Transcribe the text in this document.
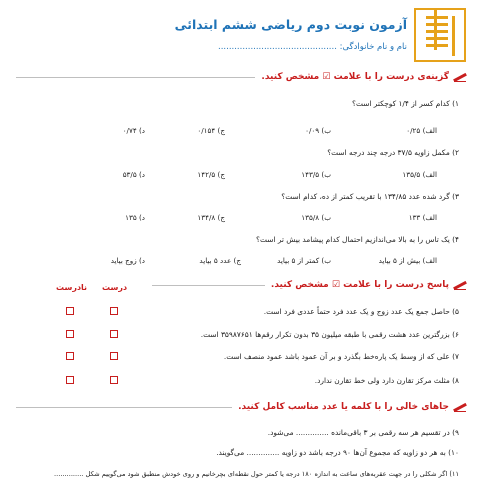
آزمون نوبت دوم ریاضی ششم ابتدائی
نام و نام خانوادگی: ............................................
گزینه‌ی درست را با علامت ☑ مشخص کنید.
۱) کدام کسر از ۱/۴ کوچکتر است؟
الف) ۰/۲۵
ب) ۰/۰۹
ج) ۰/۱۵۴
د) ۰/۷۴
۲) مکمل زاویه ۳۷/۵ درجه چند درجه است؟
الف) ۱۳۵/۵
ب) ۱۴۳/۵
ج) ۱۴۲/۵
د) ۵۳/۵
۳) گرد شده عدد ۱۳۴/۸۵ با تقریب کمتر از ده، کدام است؟
الف) ۱۳۳
ب) ۱۳۵/۸
ج) ۱۳۴/۸
د) ۱۳۵
۴) یک تاس را به بالا می‌اندازیم احتمال کدام پیشامد بیش تر است؟
الف) بیش از ۵ بیاید
ب) کمتر از ۵ بیاید
ج) عدد ۵ بیاید
د) زوج بیاید
پاسخ درست را با علامت ☑ مشخص کنید.
درست
نادرست
۵) حاصل جمع یک عدد زوج و یک عدد فرد حتماً عددی فرد است.
۶) بزرگترین عدد هشت رقمی با طبقه میلیون ۳۵ بدون تکرار رقم‌ها ۳۵۹۸۷۶۵۱ است.
۷) علی که از وسط یک پاره‌خط بگذرد و بر آن عمود باشد عمود منصف است.
۸) مثلث مرکز تقارن دارد ولی خط تقارن ندارد.
جاهای خالی را با کلمه یا عدد مناسب کامل کنید.
۹) در تقسیم هر سه رقمی بر ۳ باقی‌مانده .............. می‌شود.
۱۰) به هر دو زاویه که مجموع آن‌ها ۹۰ درجه باشد دو زاویه .............. می‌گویند.
۱۱) اگر شکلی را در جهت عقربه‌های ساعت به اندازه ۱۸۰ درجه یا کمتر حول نقطه‌ای بچرخانیم و روی خودش منطبق شود می‌گوییم شکل ..............
